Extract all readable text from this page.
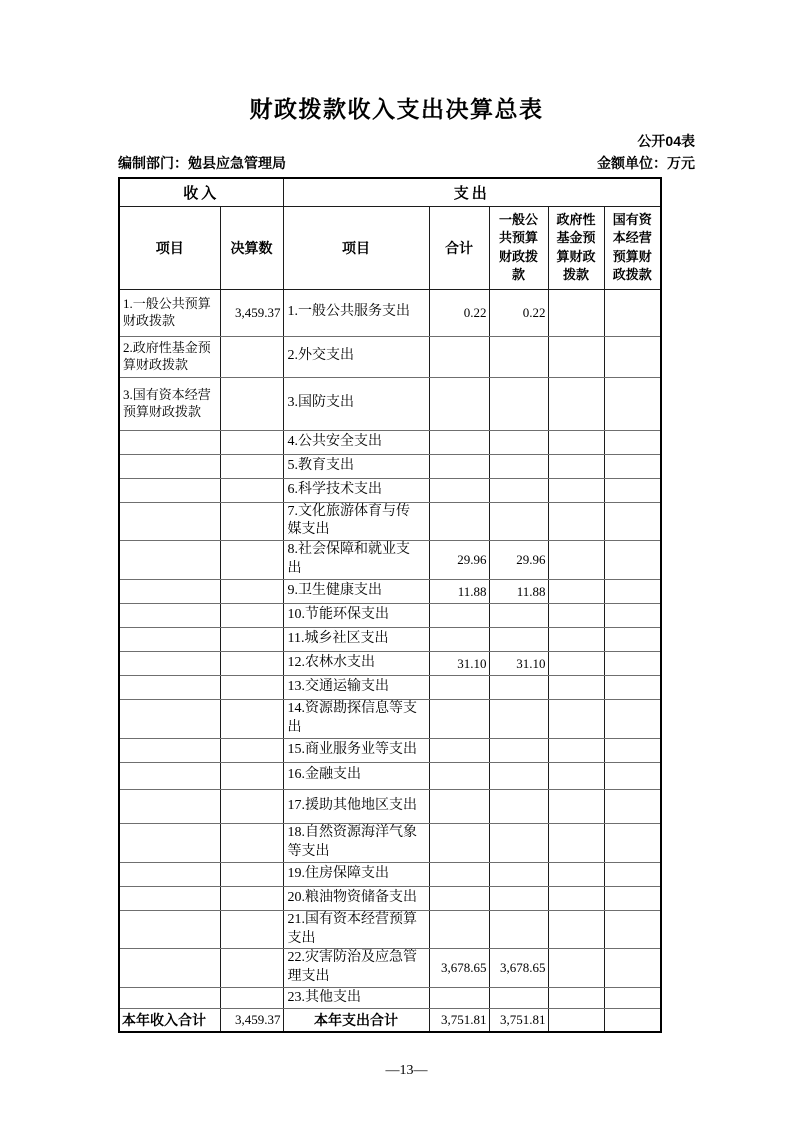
财政拨款收入支出决算总表
公开04表
编制部门：勉县应急管理局	金额单位：万元
收入		支出				
项目	决算数	项目	合计	一般公共预算财政拨款	政府性基金预算财政拨款	国有资本经营预算财政拨款
1.一般公共预算财政拨款	3,459.37	1.一般公共服务支出	0.22	0.22		
2.政府性基金预算财政拨款		2.外交支出				
3.国有资本经营预算财政拨款		3.国防支出				
		4.公共安全支出				
		5.教育支出				
		6.科学技术支出				
		7.文化旅游体育与传媒支出				
		8.社会保障和就业支出	29.96	29.96		
		9.卫生健康支出	11.88	11.88		
		10.节能环保支出				
		11.城乡社区支出				
		12.农林水支出	31.10	31.10		
		13.交通运输支出				
		14.资源勘探信息等支出				
		15.商业服务业等支出				
		16.金融支出				
		17.援助其他地区支出				
		18.自然资源海洋气象等支出				
		19.住房保障支出				
		20.粮油物资储备支出				
		21.国有资本经营预算支出				
		22.灾害防治及应急管理支出	3,678.65	3,678.65		
		23.其他支出				
本年收入合计	3,459.37	本年支出合计	3,751.81	3,751.81		
—13—
